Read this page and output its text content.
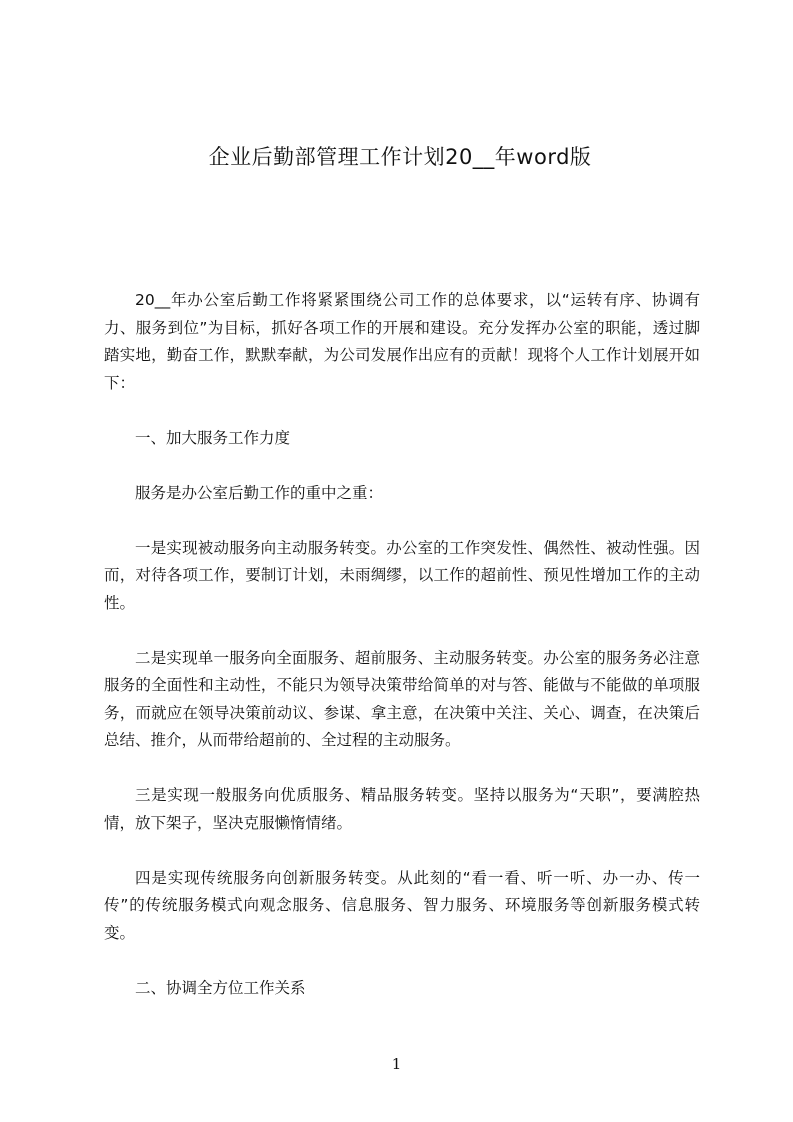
企业后勤部管理工作计划20__年word版

20__年办公室后勤工作将紧紧围绕公司工作的总体要求，以“运转有序、协调有力、服务到位”为目标，抓好各项工作的开展和建设。充分发挥办公室的职能，透过脚踏实地，勤奋工作，默默奉献，为公司发展作出应有的贡献！现将个人工作计划展开如下：

一、加大服务工作力度

服务是办公室后勤工作的重中之重：

一是实现被动服务向主动服务转变。办公室的工作突发性、偶然性、被动性强。因而，对待各项工作，要制订计划，未雨绸缪，以工作的超前性、预见性增加工作的主动性。

二是实现单一服务向全面服务、超前服务、主动服务转变。办公室的服务务必注意服务的全面性和主动性，不能只为领导决策带给简单的对与答、能做与不能做的单项服务，而就应在领导决策前动议、参谋、拿主意，在决策中关注、关心、调查，在决策后总结、推介，从而带给超前的、全过程的主动服务。

三是实现一般服务向优质服务、精品服务转变。坚持以服务为“天职”，要满腔热情，放下架子，坚决克服懒惰情绪。

四是实现传统服务向创新服务转变。从此刻的“看一看、听一听、办一办、传一传”的传统服务模式向观念服务、信息服务、智力服务、环境服务等创新服务模式转变。

二、协调全方位工作关系

1
